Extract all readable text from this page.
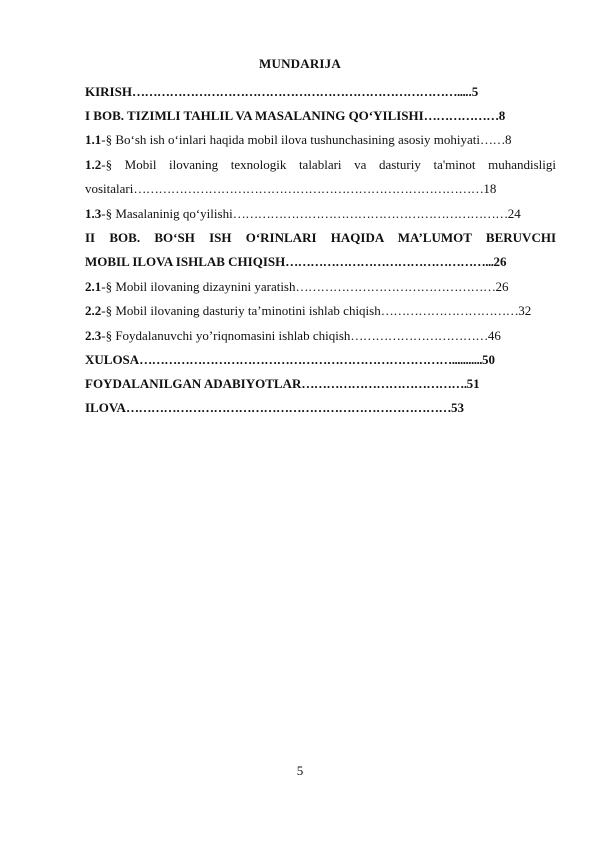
MUNDARIJA
KIRISH…………………………………………………………………….....5
I BOB. TIZIMLI TAHLIL VA MASALANING QO‘YILISHI………………8
1.1-§ Bo‘sh ish o‘inlari haqida mobil ilova tushunchasining asosiy mohiyati……8
1.2-§ Mobil ilovaning texnologik talablari va dasturiy ta'minot muhandisligi
vositalari…………………………………………………………………………18
1.3-§ Masalaninig qo‘yilishi…………………………………………………………24
II BOB. BO‘SH ISH O‘RINLARI HAQIDA MA’LUMOT BERUVCHI
MOBIL ILOVA ISHLAB CHIQISH…………………………………………...26
2.1-§ Mobil ilovaning dizaynini yaratish…………………………………………26
2.2-§ Mobil ilovaning dasturiy ta’minotini ishlab chiqish……………………………32
2.3-§ Foydalanuvchi yo’riqnomasini ishlab chiqish……………………………46
XULOSA…………………………………………………………………...........50
FOYDALANILGAN ADABIYOTLAR………………………………….51
ILOVA……………………………………………………………………53
5
